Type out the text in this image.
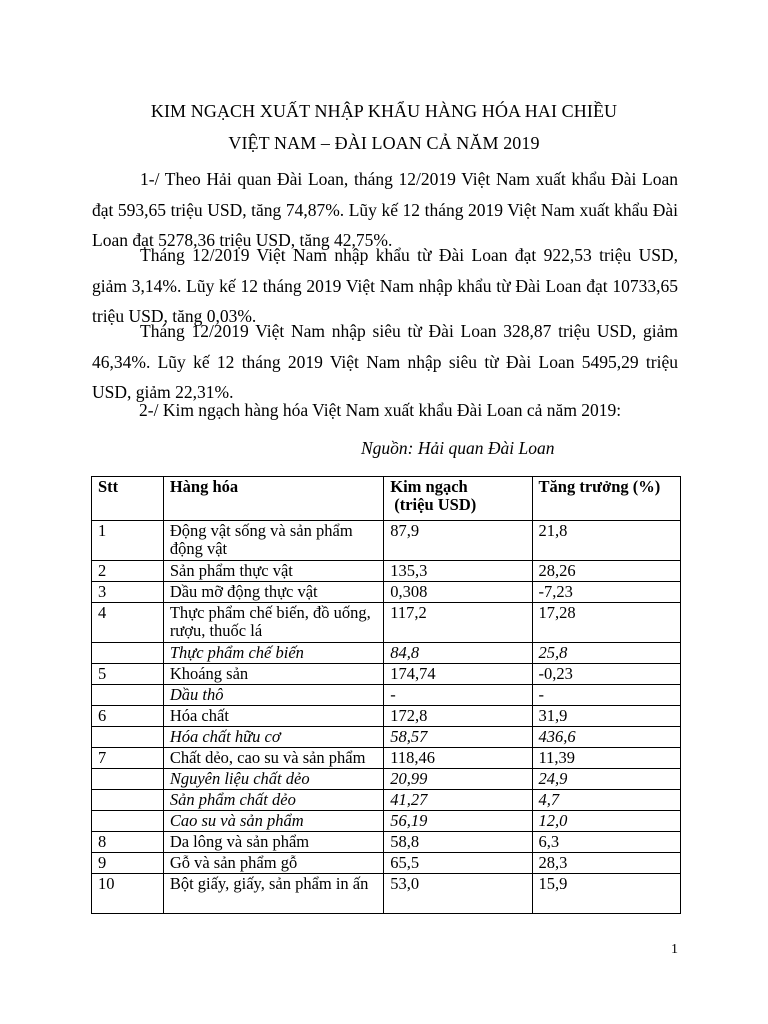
KIM NGẠCH XUẤT NHẬP KHẨU HÀNG HÓA HAI CHIỀU
VIỆT NAM – ĐÀI LOAN CẢ NĂM 2019

1-/ Theo Hải quan Đài Loan, tháng 12/2019 Việt Nam xuất khẩu Đài Loan đạt 593,65 triệu USD, tăng 74,87%. Lũy kế 12 tháng 2019 Việt Nam xuất khẩu Đài Loan đạt 5278,36 triệu USD, tăng 42,75%.

Tháng 12/2019 Việt Nam nhập khẩu từ Đài Loan đạt 922,53 triệu USD, giảm 3,14%. Lũy kế 12 tháng 2019 Việt Nam nhập khẩu từ Đài Loan đạt 10733,65 triệu USD, tăng 0,03%.

Tháng 12/2019 Việt Nam nhập siêu từ Đài Loan 328,87 triệu USD, giảm 46,34%. Lũy kế 12 tháng 2019 Việt Nam nhập siêu từ Đài Loan 5495,29 triệu USD, giảm 22,31%.

2-/ Kim ngạch hàng hóa Việt Nam xuất khẩu Đài Loan cả năm 2019:
Nguồn: Hải quan Đài Loan
Stt	Hàng hóa	Kim ngạch
(triệu USD)	Tăng trưởng (%)
1	Động vật sống và sản phẩm động vật	87,9	21,8
2	Sản phẩm thực vật	135,3	28,26
3	Dầu mỡ động thực vật	0,308	-7,23
4	Thực phẩm chế biến, đồ uống, rượu, thuốc lá	117,2	17,28
	Thực phẩm chế biến	84,8	25,8
5	Khoáng sản	174,74	-0,23
	Dầu thô	-	-
6	Hóa chất	172,8	31,9
	Hóa chất hữu cơ	58,57	436,6
7	Chất dẻo, cao su và sản phẩm	118,46	11,39
	Nguyên liệu chất dẻo	20,99	24,9
	Sản phẩm chất dẻo	41,27	4,7
	Cao su và sản phẩm	56,19	12,0
8	Da lông và sản phẩm	58,8	6,3
9	Gỗ và sản phẩm gỗ	65,5	28,3
10	Bột giấy, giấy, sản phẩm in ấn	53,0	15,9
1
